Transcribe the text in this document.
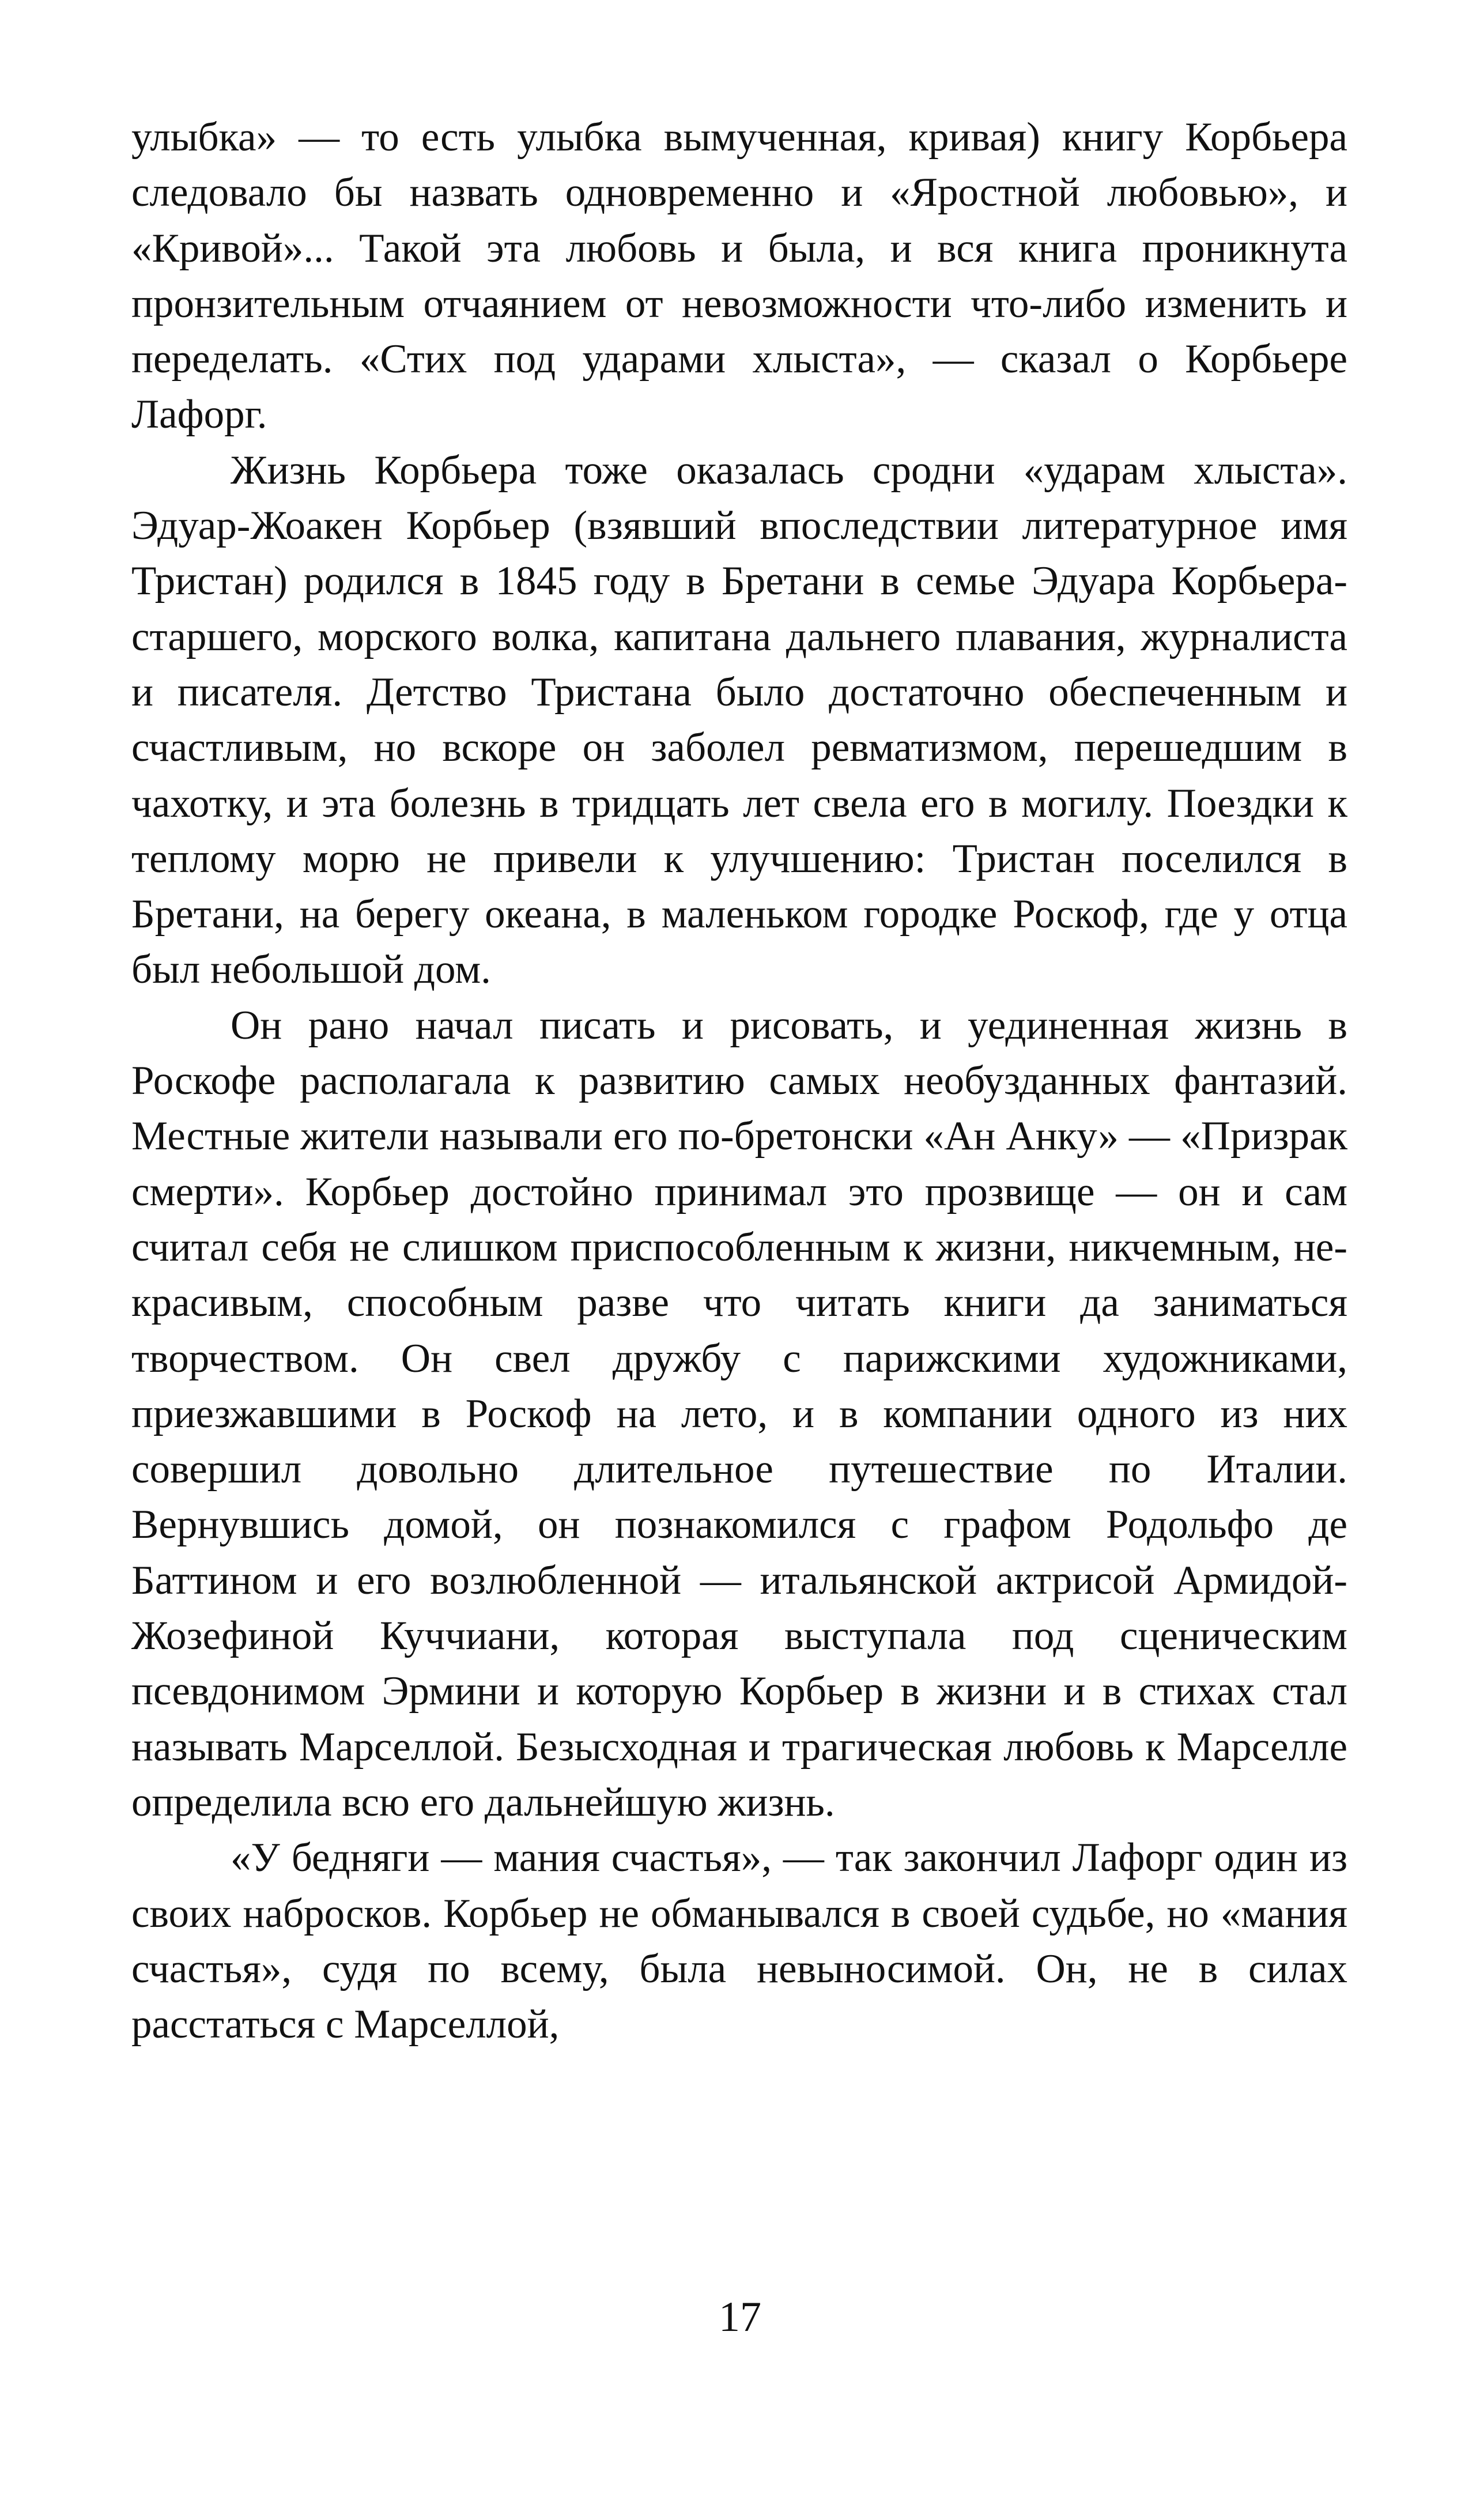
улыбка» — то есть улыбка вымученная, кривая) книгу Корбьера следовало бы назвать одновременно и «Яростной любовью», и «Кривой»... Такой эта любовь и была, и вся книга проникнута пронзительным отчаянием от невозможности что-либо изменить и переделать. «Стих под ударами хлыста», — сказал о Корбьере Лафорг.

Жизнь Корбьера тоже оказалась сродни «ударам хлыста». Эдуар-Жоакен Корбьер (взявший впоследствии литературное имя Тристан) родился в 1845 году в Бретани в семье Эдуара Корбьера-старшего, морского волка, капитана дальнего плавания, журналиста и писателя. Детство Тристана было достаточно обеспеченным и счастливым, но вскоре он заболел ревматизмом, перешедшим в чахотку, и эта болезнь в тридцать лет свела его в могилу. Поездки к теплому морю не привели к улучшению: Тристан поселился в Бретани, на берегу океана, в маленьком городке Роскоф, где у отца был небольшой дом.

Он рано начал писать и рисовать, и уединенная жизнь в Роскофе располагала к развитию самых необузданных фантазий. Местные жители называли его по-бретонски «Ан Анку» — «Призрак смерти». Корбьер достойно принимал это прозвище — он и сам считал себя не слишком приспособленным к жизни, никчемным, некрасивым, способным разве что читать книги да заниматься творчеством. Он свел дружбу с парижскими художниками, приезжавшими в Роскоф на лето, и в компании одного из них совершил довольно длительное путешествие по Италии. Вернувшись домой, он познакомился с графом Родольфо де Баттином и его возлюбленной — итальянской актрисой Армидой-Жозефиной Куччиани, которая выступала под сценическим псевдонимом Эрмини и которую Корбьер в жизни и в стихах стал называть Марселлой. Безысходная и трагическая любовь к Марселле определила всю его дальнейшую жизнь.

«У бедняги — мания счастья», — так закончил Лафорг один из своих набросков. Корбьер не обманывался в своей судьбе, но «мания счастья», судя по всему, была невыносимой. Он, не в силах расстаться с Марселлой,

17
